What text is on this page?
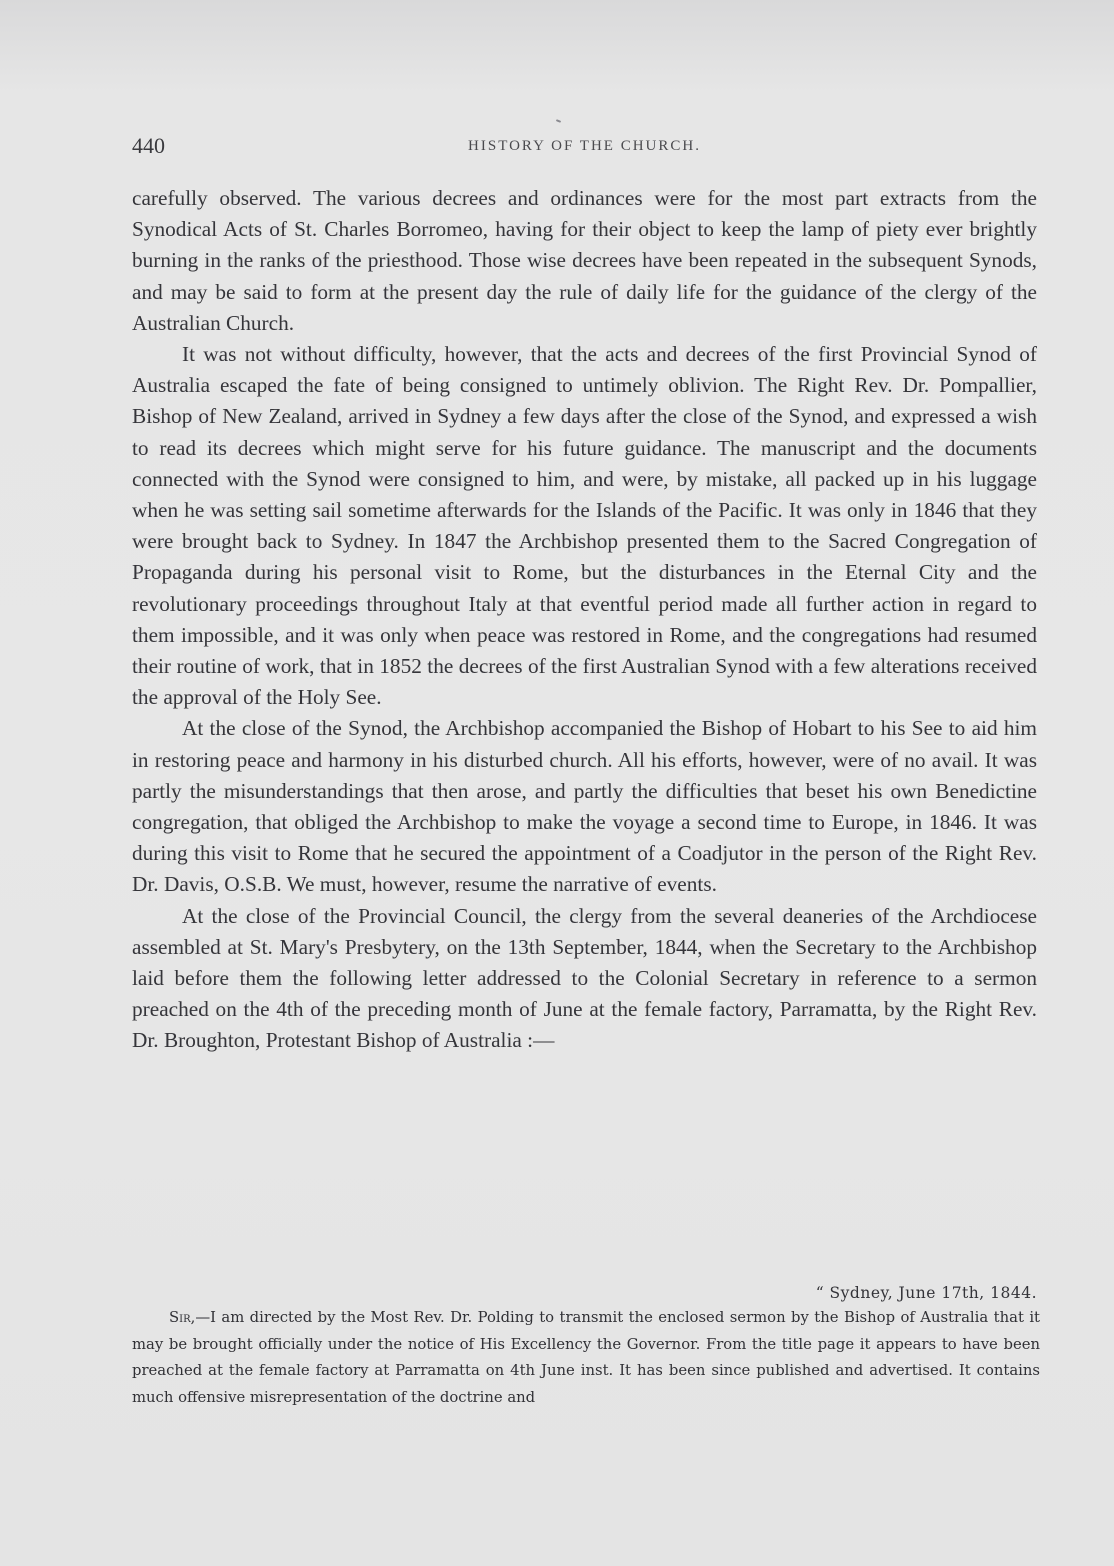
440	HISTORY OF THE CHURCH.

carefully observed. The various decrees and ordinances were for the most part extracts from the Synodical Acts of St. Charles Borromeo, having for their object to keep the lamp of piety ever brightly burning in the ranks of the priesthood. Those wise decrees have been repeated in the subsequent Synods, and may be said to form at the present day the rule of daily life for the guidance of the clergy of the Australian Church.

It was not without difficulty, however, that the acts and decrees of the first Provincial Synod of Australia escaped the fate of being consigned to untimely oblivion. The Right Rev. Dr. Pompallier, Bishop of New Zealand, arrived in Sydney a few days after the close of the Synod, and expressed a wish to read its decrees which might serve for his future guidance. The manuscript and the documents connected with the Synod were consigned to him, and were, by mistake, all packed up in his luggage when he was setting sail sometime afterwards for the Islands of the Pacific. It was only in 1846 that they were brought back to Sydney. In 1847 the Archbishop presented them to the Sacred Congregation of Propaganda during his personal visit to Rome, but the disturbances in the Eternal City and the revolutionary proceedings throughout Italy at that eventful period made all further action in regard to them impossible, and it was only when peace was restored in Rome, and the congregations had resumed their routine of work, that in 1852 the decrees of the first Australian Synod with a few alterations received the approval of the Holy See.

At the close of the Synod, the Archbishop accompanied the Bishop of Hobart to his See to aid him in restoring peace and harmony in his disturbed church. All his efforts, however, were of no avail. It was partly the misunderstandings that then arose, and partly the difficulties that beset his own Benedictine congregation, that obliged the Archbishop to make the voyage a second time to Europe, in 1846. It was during this visit to Rome that he secured the appointment of a Coadjutor in the person of the Right Rev. Dr. Davis, O.S.B. We must, however, resume the narrative of events.

At the close of the Provincial Council, the clergy from the several deaneries of the Archdiocese assembled at St. Mary's Presbytery, on the 13th September, 1844, when the Secretary to the Archbishop laid before them the following letter addressed to the Colonial Secretary in reference to a sermon preached on the 4th of the preceding month of June at the female factory, Parramatta, by the Right Rev. Dr. Broughton, Protestant Bishop of Australia :—

“ Sydney, June 17th, 1844.

Sir,—I am directed by the Most Rev. Dr. Polding to transmit the enclosed sermon by the Bishop of Australia that it may be brought officially under the notice of His Excellency the Governor. From the title page it appears to have been preached at the female factory at Parramatta on 4th June inst. It has been since published and advertised. It contains much offensive misrepresentation of the doctrine and
